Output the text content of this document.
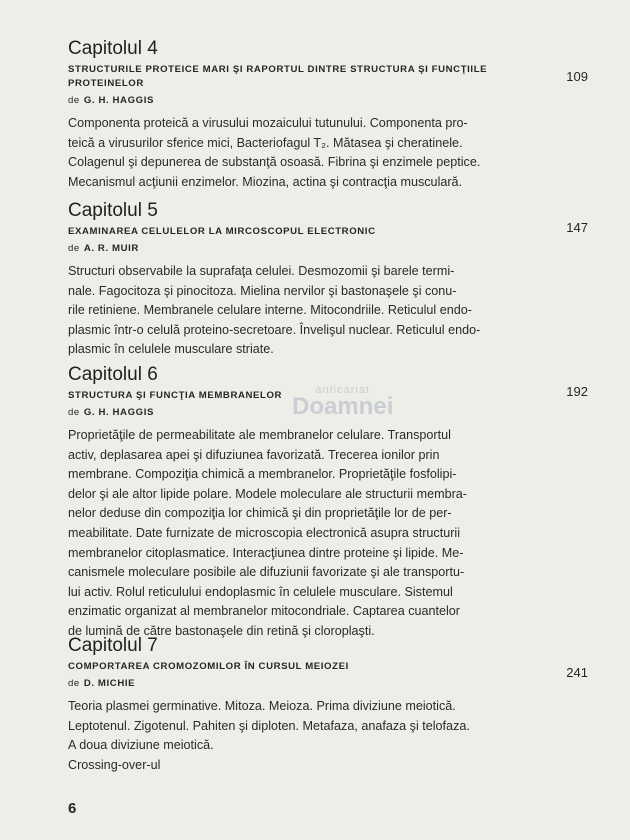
Capitolul 4
STRUCTURILE PROTEICE MARI ŞI RAPORTUL DINTRE STRUCTURA ŞI FUNCŢIILE PROTEINELOR	109
de G. H. HAGGIS
Componenta proteică a virusului mozaicului tutunului. Componenta pro-
teică a virusurilor sferice mici, Bacteriofagul T₂. Mătasea şi cheratinele.
Colagenul şi depunerea de substanţă osoasă. Fibrina şi enzimele peptice.
Mecanismul acţiunii enzimelor. Miozina, actina şi contracţia musculară.
Capitolul 5
EXAMINAREA CELULELOR LA MIRCOSCOPUL ELECTRONIC	147
de A. R. MUIR
Structuri observabile la suprafaţa celulei. Desmozomii şi barele termi-
nale. Fagocitoza şi pinocitoza. Mielina nervilor şi bastonaşele şi conu-
rile retiniene. Membranele celulare interne. Mitocondriile. Reticulul endo-
plasmic într-o celulă proteino-secretoare. Învelişul nuclear. Reticulul endo-
plasmic în celulele musculare striate.
Capitolul 6
STRUCTURA ŞI FUNCŢIA MEMBRANELOR	192
de G. H. HAGGIS
Proprietăţile de permeabilitate ale membranelor celulare. Transportul
activ, deplasarea apei şi difuziunea favorizată. Trecerea ionilor prin
membrane. Compoziţia chimică a membranelor. Proprietăţile fosfolipi-
delor şi ale altor lipide polare. Modele moleculare ale structurii membra-
nelor deduse din compoziţia lor chimică şi din proprietăţile lor de per-
meabilitate. Date furnizate de microscopia electronică asupra structurii
membranelor citoplasmatice. Interacţiunea dintre proteine şi lipide. Me-
canismele moleculare posibile ale difuziunii favorizate şi ale transportu-
lui activ. Rolul reticulului endoplasmic în celulele musculare. Sistemul
enzimatic organizat al membranelor mitocondriale. Captarea cuantelor
de lumină de către bastonaşele din retină şi cloroplaşti.
Capitolul 7
COMPORTAREA CROMOZOMILOR ÎN CURSUL MEIOZEI	241
de D. MICHIE
Teoria plasmei germinative. Mitoza. Meioza. Prima diviziune meiotică.
Leptotenul. Zigotenul. Pahiten şi diploten. Metafaza, anafaza şi telofaza.
A doua diviziune meiotică.
Crossing-over-ul
anticariat
Doamnei
6
